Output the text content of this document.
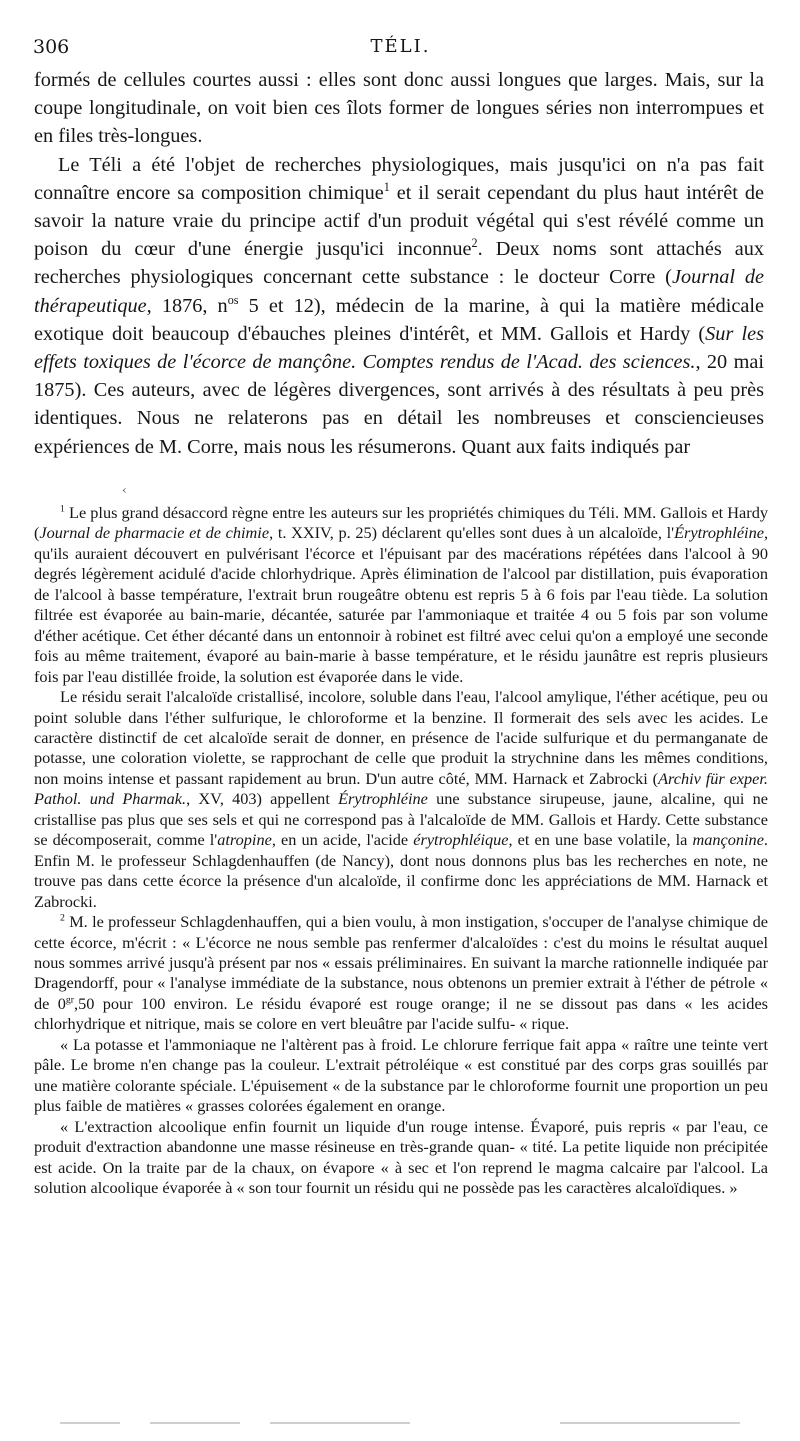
306	TÉLI.

formés de cellules courtes aussi : elles sont donc aussi longues que larges. Mais, sur la coupe longitudinale, on voit bien ces îlots former de longues séries non interrompues et en files très-longues.

Le Téli a été l'objet de recherches physiologiques, mais jusqu'ici on n'a pas fait connaître encore sa composition chimique$^1$ et il serait cependant du plus haut intérêt de savoir la nature vraie du principe actif d'un produit végétal qui s'est révélé comme un poison du cœur d'une énergie jusqu'ici inconnue$^2$. Deux noms sont attachés aux recherches physiologiques concernant cette substance : le docteur Corre (Journal de thérapeutique, 1876, $n^{os}$ 5 et 12), médecin de la marine, à qui la matière médicale exotique doit beaucoup d'ébauches pleines d'intérêt, et MM. Gallois et Hardy (Sur les effets toxiques de l'écorce de mançône. Comptes rendus de l'Acad. des sciences., 20 mai 1875). Ces auteurs, avec de légères divergences, sont arrivés à des résultats à peu près identiques. Nous ne relaterons pas en détail les nombreuses et consciencieuses expériences de M. Corre, mais nous les résumerons. Quant aux faits indiqués par

‹

$^1$ Le plus grand désaccord règne entre les auteurs sur les propriétés chimiques du Téli. MM. Gallois et Hardy (Journal de pharmacie et de chimie, t. XXIV, p. 25) déclarent qu'elles sont dues à un alcaloïde, l'Érytrophléine, qu'ils auraient découvert en pulvérisant l'écorce et l'épuisant par des macérations répétées dans l'alcool à 90 degrés légèrement acidulé d'acide chlorhydrique. Après élimination de l'alcool par distillation, puis évaporation de l'alcool à basse température, l'extrait brun rougeâtre obtenu est repris 5 à 6 fois par l'eau tiède. La solution filtrée est évaporée au bain-marie, décantée, saturée par l'ammoniaque et traitée 4 ou 5 fois par son volume d'éther acétique. Cet éther décanté dans un entonnoir à robinet est filtré avec celui qu'on a employé une seconde fois au même traitement, évaporé au bain-marie à basse température, et le résidu jaunâtre est repris plusieurs fois par l'eau distillée froide, la solution est évaporée dans le vide.

Le résidu serait l'alcaloïde cristallisé, incolore, soluble dans l'eau, l'alcool amylique, l'éther acétique, peu ou point soluble dans l'éther sulfurique, le chloroforme et la benzine. Il formerait des sels avec les acides. Le caractère distinctif de cet alcaloïde serait de donner, en présence de l'acide sulfurique et du permanganate de potasse, une coloration violette, se rapprochant de celle que produit la strychnine dans les mêmes conditions, non moins intense et passant rapidement au brun. D'un autre côté, MM. Harnack et Zabrocki (Archiv für exper. Pathol. und Pharmak., XV, 403) appellent Érytrophléine une substance sirupeuse, jaune, alcaline, qui ne cristallise pas plus que ses sels et qui ne correspond pas à l'alcaloïde de MM. Gallois et Hardy. Cette substance se décomposerait, comme l'atropine, en un acide, l'acide érytrophléique, et en une base volatile, la mançonine. Enfin M. le professeur Schlagdenhauffen (de Nancy), dont nous donnons plus bas les recherches en note, ne trouve pas dans cette écorce la présence d'un alcaloïde, il confirme donc les appréciations de MM. Harnack et Zabrocki.

$^2$ M. le professeur Schlagdenhauffen, qui a bien voulu, à mon instigation, s'occuper de l'analyse chimique de cette écorce, m'écrit : « L'écorce ne nous semble pas renfermer d'alcaloïdes : c'est du moins le résultat auquel nous sommes arrivé jusqu'à présent par nos « essais préliminaires. En suivant la marche rationnelle indiquée par Dragendorff, pour « l'analyse immédiate de la substance, nous obtenons un premier extrait à l'éther de pétrole « de $0^{gr},50$ pour 100 environ. Le résidu évaporé est rouge orange; il ne se dissout pas dans « les acides chlorhydrique et nitrique, mais se colore en vert bleuâtre par l'acide sulfu- « rique.

« La potasse et l'ammoniaque ne l'altèrent pas à froid. Le chlorure ferrique fait appa « raître une teinte vert pâle. Le brome n'en change pas la couleur. L'extrait pétroléique « est constitué par des corps gras souillés par une matière colorante spéciale. L'épuisement « de la substance par le chloroforme fournit une proportion un peu plus faible de matières « grasses colorées également en orange.

« L'extraction alcoolique enfin fournit un liquide d'un rouge intense. Évaporé, puis repris « par l'eau, ce produit d'extraction abandonne une masse résineuse en très-grande quan- « tité. La petite liquide non précipitée est acide. On la traite par de la chaux, on évapore « à sec et l'on reprend le magma calcaire par l'alcool. La solution alcoolique évaporée à « son tour fournit un résidu qui ne possède pas les caractères alcaloïdiques. »
